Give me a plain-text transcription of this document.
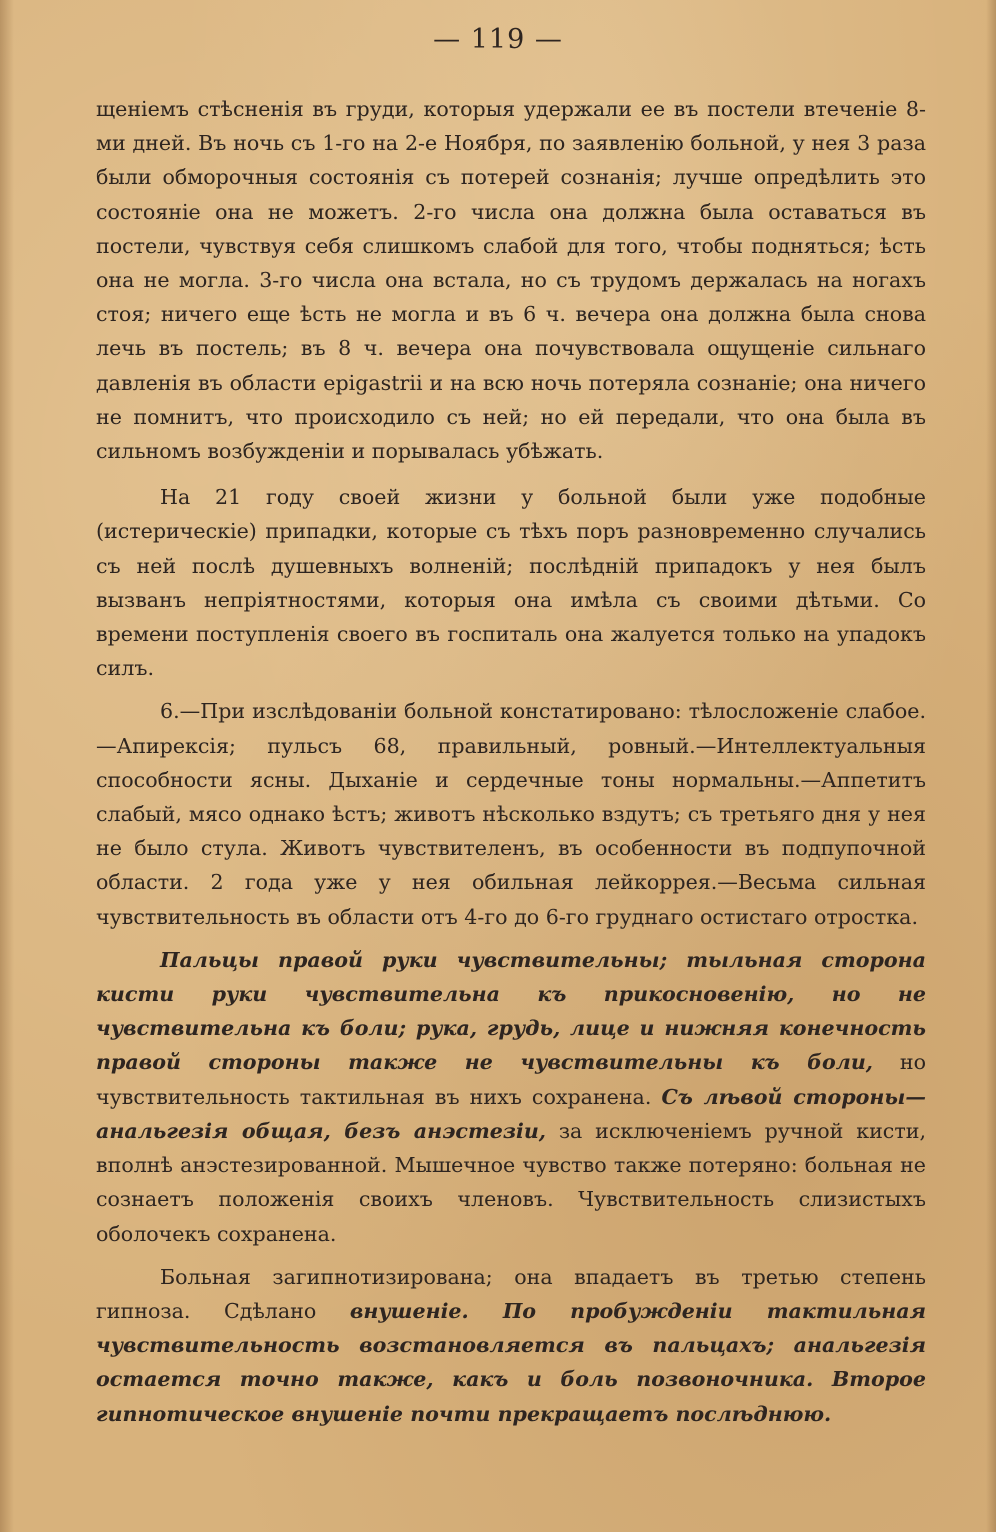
— 119 —

щеніемъ стѣсненія въ груди, которыя удержали ее въ постели втеченіе 8-ми дней. Въ ночь съ 1-го на 2-е Ноября, по заявленію больной, у нея 3 раза были обморочныя состоянія съ потерей сознанія; лучше опредѣлить это состояніе она не можетъ. 2-го числа она должна была оставаться въ постели, чувствуя себя слишкомъ слабой для того, чтобы подняться; ѣсть она не могла. 3-го числа она встала, но съ трудомъ держалась на ногахъ стоя; ничего еще ѣсть не могла и въ 6 ч. вечера она должна была снова лечь въ постель; въ 8 ч. вечера она почувствовала ощущеніе сильнаго давленія въ области epigastrii и на всю ночь потеряла сознаніе; она ничего не помнитъ, что происходило съ ней; но ей передали, что она была въ сильномъ возбужденіи и порывалась убѣжать.

На 21 году своей жизни у больной были уже подобные (истерическіе) припадки, которые съ тѣхъ поръ разновременно случались съ ней послѣ душевныхъ волненій; послѣдній припадокъ у нея былъ вызванъ непріятностями, которыя она имѣла съ своими дѣтьми. Со времени поступленія своего въ госпиталь она жалуется только на упадокъ силъ.

6.—При изслѣдованіи больной констатировано: тѣлосложеніе слабое.—Апирексія; пульсъ 68, правильный, ровный.—Интеллектуальныя способности ясны. Дыханіе и сердечные тоны нормальны.—Аппетитъ слабый, мясо однако ѣстъ; животъ нѣсколько вздутъ; съ третьяго дня у нея не было стула. Животъ чувствителенъ, въ особенности въ подпупочной области. 2 года уже у нея обильная лейкоррея.—Весьма сильная чувствительность въ области отъ 4-го до 6-го груднаго остистаго отростка.

Пальцы правой руки чувствительны; тыльная сторона кисти руки чувствительна къ прикосновенію, но не чувствительна къ боли; рука, грудь, лице и нижняя конечность правой стороны также не чувствительны къ боли, но чувствительность тактильная въ нихъ сохранена. Съ лѣвой стороны—анальгезія общая, безъ анэстезіи, за исключеніемъ ручной кисти, вполнѣ анэстезированной. Мышечное чувство также потеряно: больная не сознаетъ положенія своихъ членовъ. Чувствительность слизистыхъ оболочекъ сохранена.

Больная загипнотизирована; она впадаетъ въ третью степень гипноза. Сдѣлано внушеніе. По пробужденіи тактильная чувствительность возстановляется въ пальцахъ; анальгезія остается точно также, какъ и боль позвоночника. Второе гипнотическое внушеніе почти прекращаетъ послѣднюю.
